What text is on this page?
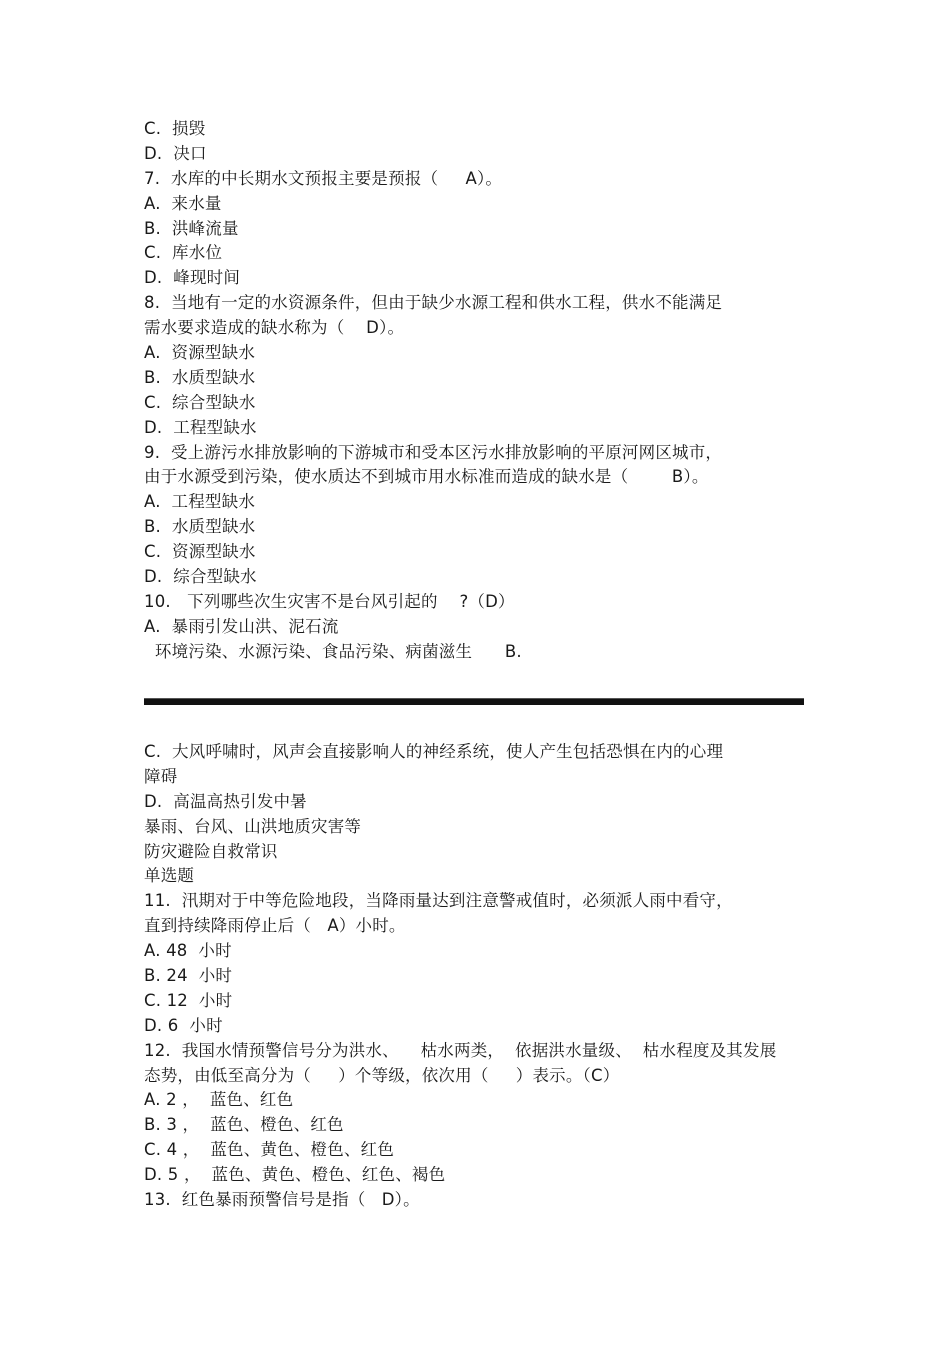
C.  损毁
D.  决口
7.  水库的中长期水文预报主要是预报（     A）。
A.  来水量
B.  洪峰流量
C.  库水位
D.  峰现时间
8.  当地有一定的水资源条件，但由于缺少水源工程和供水工程，供水不能满足
需水要求造成的缺水称为（    D）。
A.  资源型缺水
B.  水质型缺水
C.  综合型缺水
D.  工程型缺水
9.  受上游污水排放影响的下游城市和受本区污水排放影响的平原河网区城市，
由于水源受到污染，使水质达不到城市用水标准而造成的缺水是（        B）。
A.  工程型缺水
B.  水质型缺水
C.  资源型缺水
D.  综合型缺水
10.   下列哪些次生灾害不是台风引起的    ?（D）
A.  暴雨引发山洪、泥石流
环境污染、水源污染、食品污染、病菌滋生      B.
C.  大风呼啸时，风声会直接影响人的神经系统，使人产生包括恐惧在内的心理
障碍
D.  高温高热引发中暑
暴雨、台风、山洪地质灾害等
防灾避险自救常识
单选题
11.  汛期对于中等危险地段，当降雨量达到注意警戒值时，必须派人雨中看守，
直到持续降雨停止后（   A）小时。
A. 48  小时
B. 24  小时
C. 12  小时
D. 6  小时
12.  我国水情预警信号分为洪水、    枯水两类，  依据洪水量级、  枯水程度及其发展
态势，由低至高分为（     ）个等级，依次用（     ）表示。（C）
A. 2 ，  蓝色、红色
B. 3 ，  蓝色、橙色、红色
C. 4 ，  蓝色、黄色、橙色、红色
D. 5 ，  蓝色、黄色、橙色、红色、褐色
13.  红色暴雨预警信号是指（   D）。
